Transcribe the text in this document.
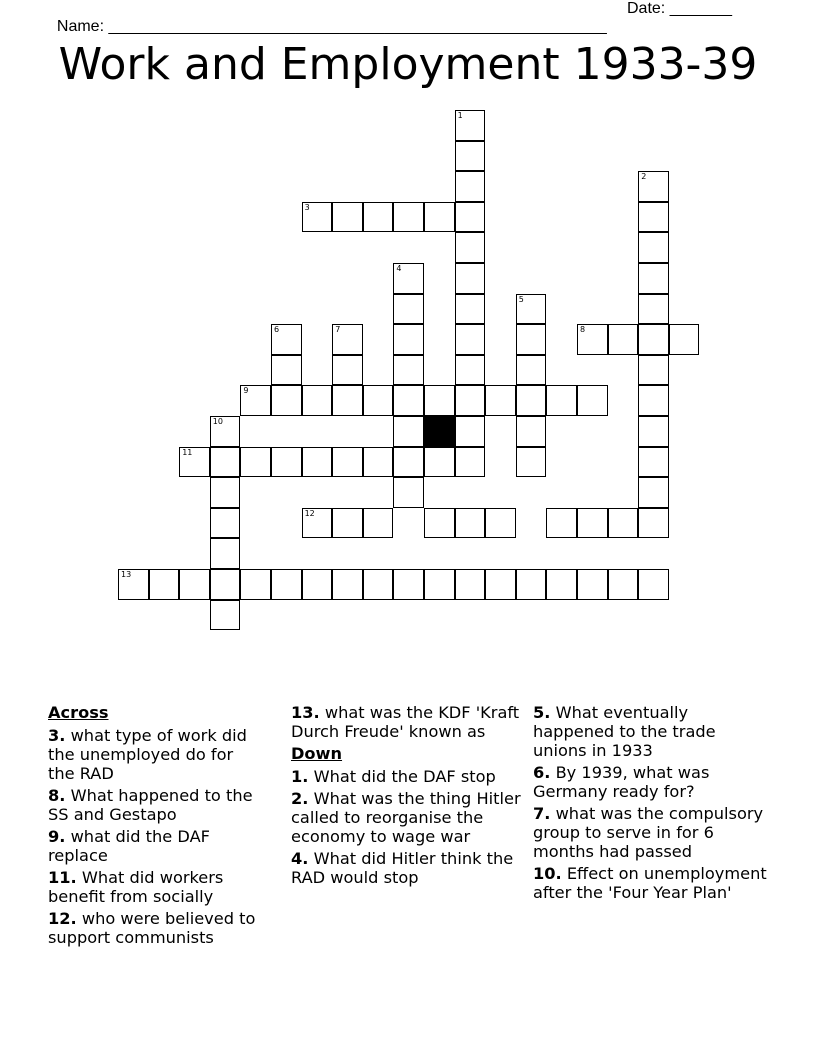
Name: ________________________________________________________

Date: _______

Work and Employment 1933-39
1
2
3
4
5
8
6	7
9
10
11
12
13
Across
3. what type of work did the unemployed do for the RAD
8. What happened to the SS and Gestapo
9. what did the DAF replace
11. What did workers benefit from socially
12. who were believed to support communists
13. what was the KDF 'Kraft Durch Freude' known as
Down
1. What did the DAF stop
2. What was the thing Hitler called to reorganise the economy to wage war
4. What did Hitler think the RAD would stop
5. What eventually happened to the trade unions in 1933
6. By 1939, what was Germany ready for?
7. what was the compulsory group to serve in for 6 months had passed
10. Effect on unemployment after the 'Four Year Plan'
